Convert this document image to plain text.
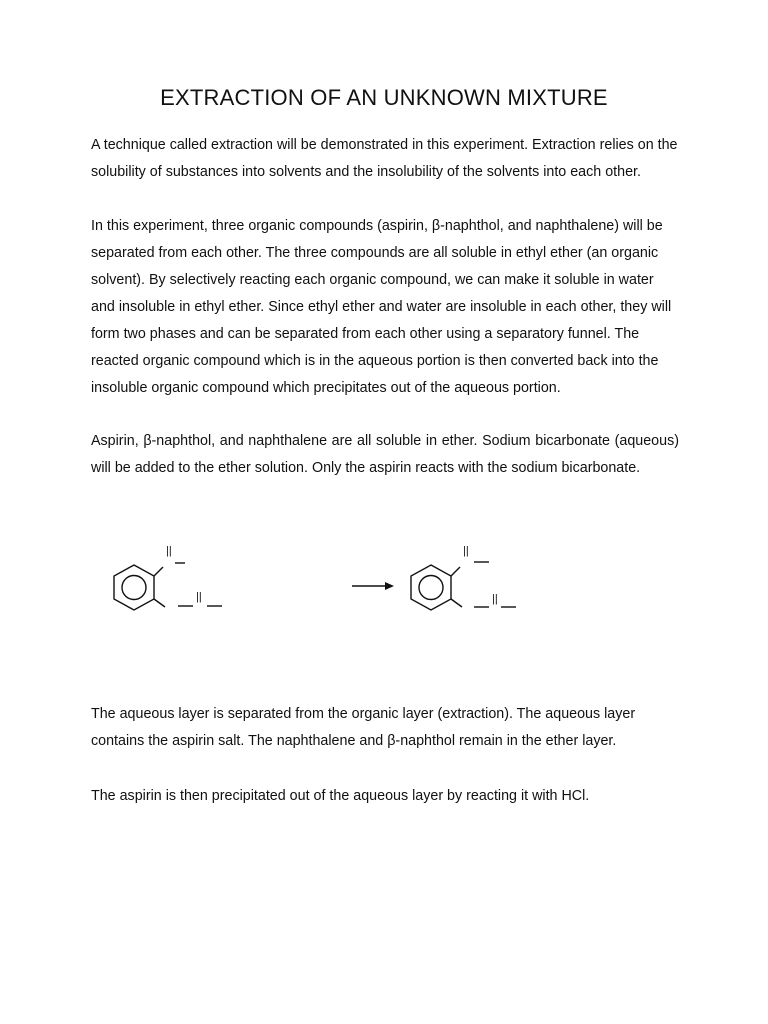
EXTRACTION OF AN UNKNOWN MIXTURE
A technique called extraction will be demonstrated in this experiment. Extraction relies on the solubility of substances into solvents and the insolubility of the solvents into each other.
In this experiment, three organic compounds (aspirin, β-naphthol, and naphthalene) will be separated from each other. The three compounds are all soluble in ethyl ether (an organic solvent). By selectively reacting each organic compound, we can make it soluble in water and insoluble in ethyl ether. Since ethyl ether and water are insoluble in each other, they will form two phases and can be separated from each other using a separatory funnel. The reacted organic compound which is in the aqueous portion is then converted back into the insoluble organic compound which precipitates out of the aqueous portion.
Aspirin, β-naphthol, and naphthalene are all soluble in ether. Sodium bicarbonate (aqueous) will be added to the ether solution. Only the aspirin reacts with the sodium bicarbonate.
||
||
||
||
The aqueous layer is separated from the organic layer (extraction). The aqueous layer contains the aspirin salt. The naphthalene and β-naphthol remain in the ether layer.
The aspirin is then precipitated out of the aqueous layer by reacting it with HCl.
